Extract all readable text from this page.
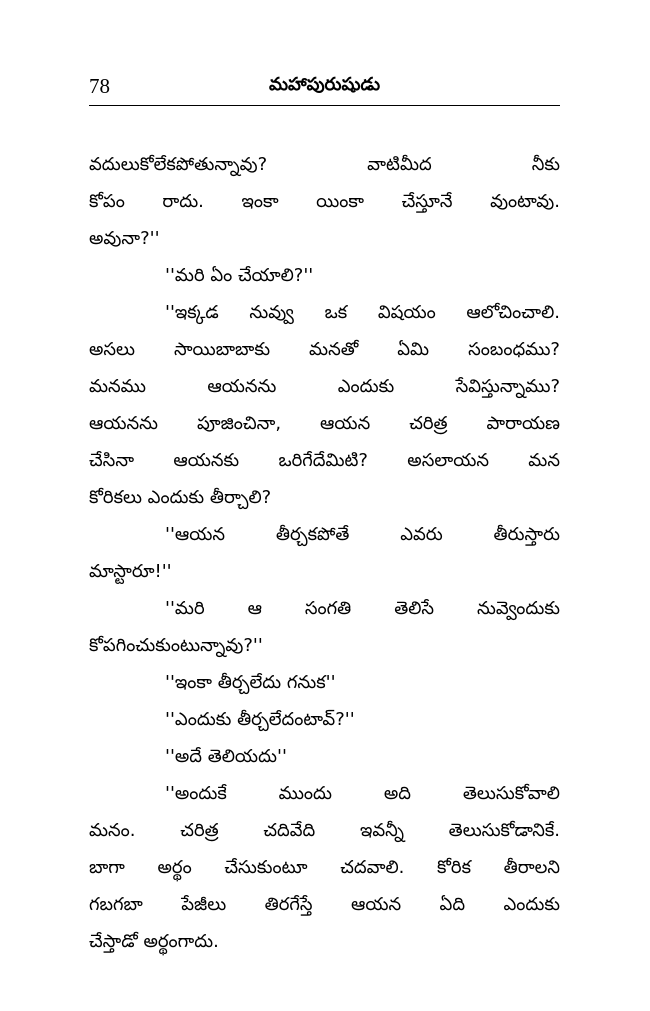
78	మహాపురుషుడు
వదులుకోలేకపోతున్నావు? వాటిమీద నీకు
కోపం రాదు. ఇంకా యింకా చేస్తూనే వుంటావు.
అవునా?''
''మరి ఏం చేయాలి?''
''ఇక్కడ నువ్వు ఒక విషయం ఆలోచించాలి.
అసలు సాయిబాబాకు మనతో ఏమి సంబంధము?
మనము ఆయనను ఎందుకు సేవిస్తున్నాము?
ఆయనను పూజించినా, ఆయన చరిత్ర పారాయణ
చేసినా ఆయనకు ఒరిగేదేమిటి? అసలాయన మన
కోరికలు ఎందుకు తీర్చాలి?
''ఆయన తీర్చకపోతే ఎవరు తీరుస్తారు
మాస్టారూ!''
''మరి ఆ సంగతి తెలిసే నువ్వెందుకు
కోపగించుకుంటున్నావు?''
''ఇంకా తీర్చలేదు గనుక''
''ఎందుకు తీర్చలేదంటావ్?''
''అదే తెలియదు''
''అందుకే ముందు అది తెలుసుకోవాలి
మనం. చరిత్ర చదివేది ఇవన్నీ తెలుసుకోడానికే.
బాగా అర్థం చేసుకుంటూ చదవాలి. కోరిక తీరాలని
గబగబా పేజీలు తిరగేస్తే ఆయన ఏది ఎందుకు
చేస్తాడో అర్థంగాదు.
